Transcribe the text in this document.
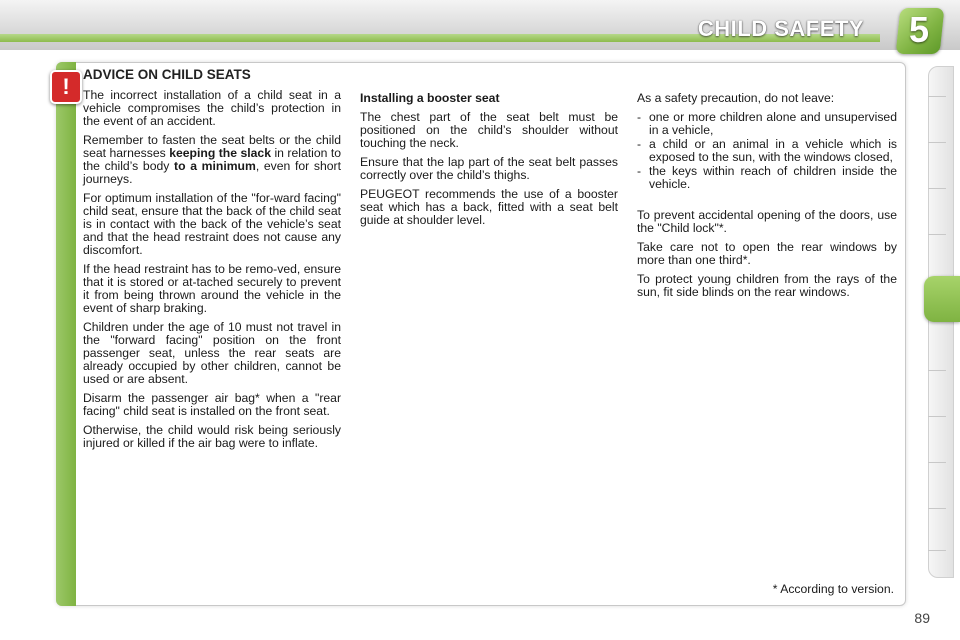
CHILD SAFETY 5
! ADVICE ON CHILD SEATS

The incorrect installation of a child seat in a vehicle compromises the child’s protection in the event of an accident.

Remember to fasten the seat belts or the child seat harnesses keeping the slack in relation to the child’s body to a minimum, even for short journeys.

For optimum installation of the "for-ward facing" child seat, ensure that the back of the child seat is in contact with the back of the vehicle’s seat and that the head restraint does not cause any discomfort.

If the head restraint has to be remo-ved, ensure that it is stored or at-tached securely to prevent it from being thrown around the vehicle in the event of sharp braking.

Children under the age of 10 must not travel in the "forward facing" position on the front passenger seat, unless the rear seats are already occupied by other children, cannot be used or are absent.

Disarm the passenger air bag* when a "rear facing" child seat is installed on the front seat.

Otherwise, the child would risk being seriously injured or killed if the air bag were to inflate.

Installing a booster seat

The chest part of the seat belt must be positioned on the child’s shoulder without touching the neck.

Ensure that the lap part of the seat belt passes correctly over the child’s thighs.

PEUGEOT recommends the use of a booster seat which has a back, fitted with a seat belt guide at shoulder level.

As a safety precaution, do not leave:

- one or more children alone and unsupervised in a vehicle,
- a child or an animal in a vehicle which is exposed to the sun, with the windows closed,
- the keys within reach of children inside the vehicle.

To prevent accidental opening of the doors, use the "Child lock"*.

Take care not to open the rear windows by more than one third*.

To protect young children from the rays of the sun, fit side blinds on the rear windows.

* According to version.
89
